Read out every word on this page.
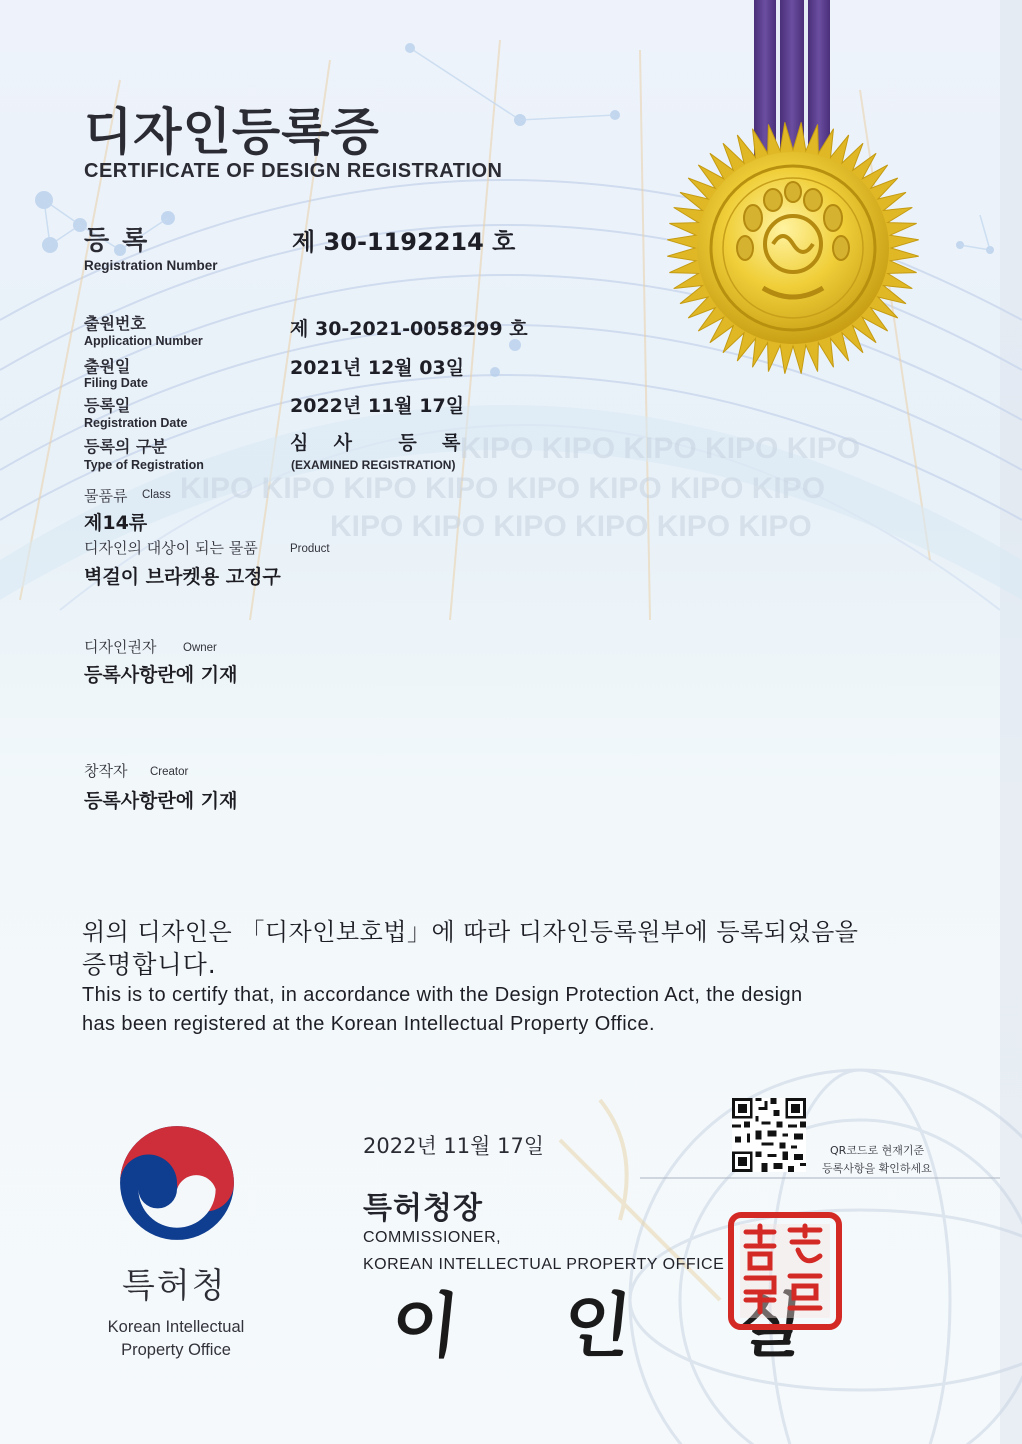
KIPO KIPO KIPO KIPO KIPO
KIPO KIPO KIPO KIPO KIPO KIPO KIPO KIPO
KIPO KIPO KIPO KIPO KIPO KIPO
디자인등록증
CERTIFICATE OF DESIGN REGISTRATION
등 록
Registration Number
제 30-1192214 호
출원번호
Application Number
제 30-2021-0058299 호
출원일
Filing Date
2021년 12월 03일
등록일
Registration Date
2022년 11월 17일
등록의 구분
Type of Registration
심  사    등  록
(EXAMINED REGISTRATION)
물품류 Class
제14류
디자인의 대상이 되는 물품	Product
벽걸이 브라켓용 고정구
디자인권자 Owner
등록사항란에 기재
창작자 Creator
등록사항란에 기재
위의 디자인은 「디자인보호법」에 따라 디자인등록원부에 등록되었음을
증명합니다.
This is to certify that, in accordance with the Design Protection Act, the design
has been registered at the Korean Intellectual Property Office.
특허청
Korean Intellectual
Property Office
2022년 11월 17일	QR코드로 현재기준
등록사항을 확인하세요
특허청장
COMMISSIONER,
KOREAN INTELLECTUAL PROPERTY OFFICE
이 인 실
